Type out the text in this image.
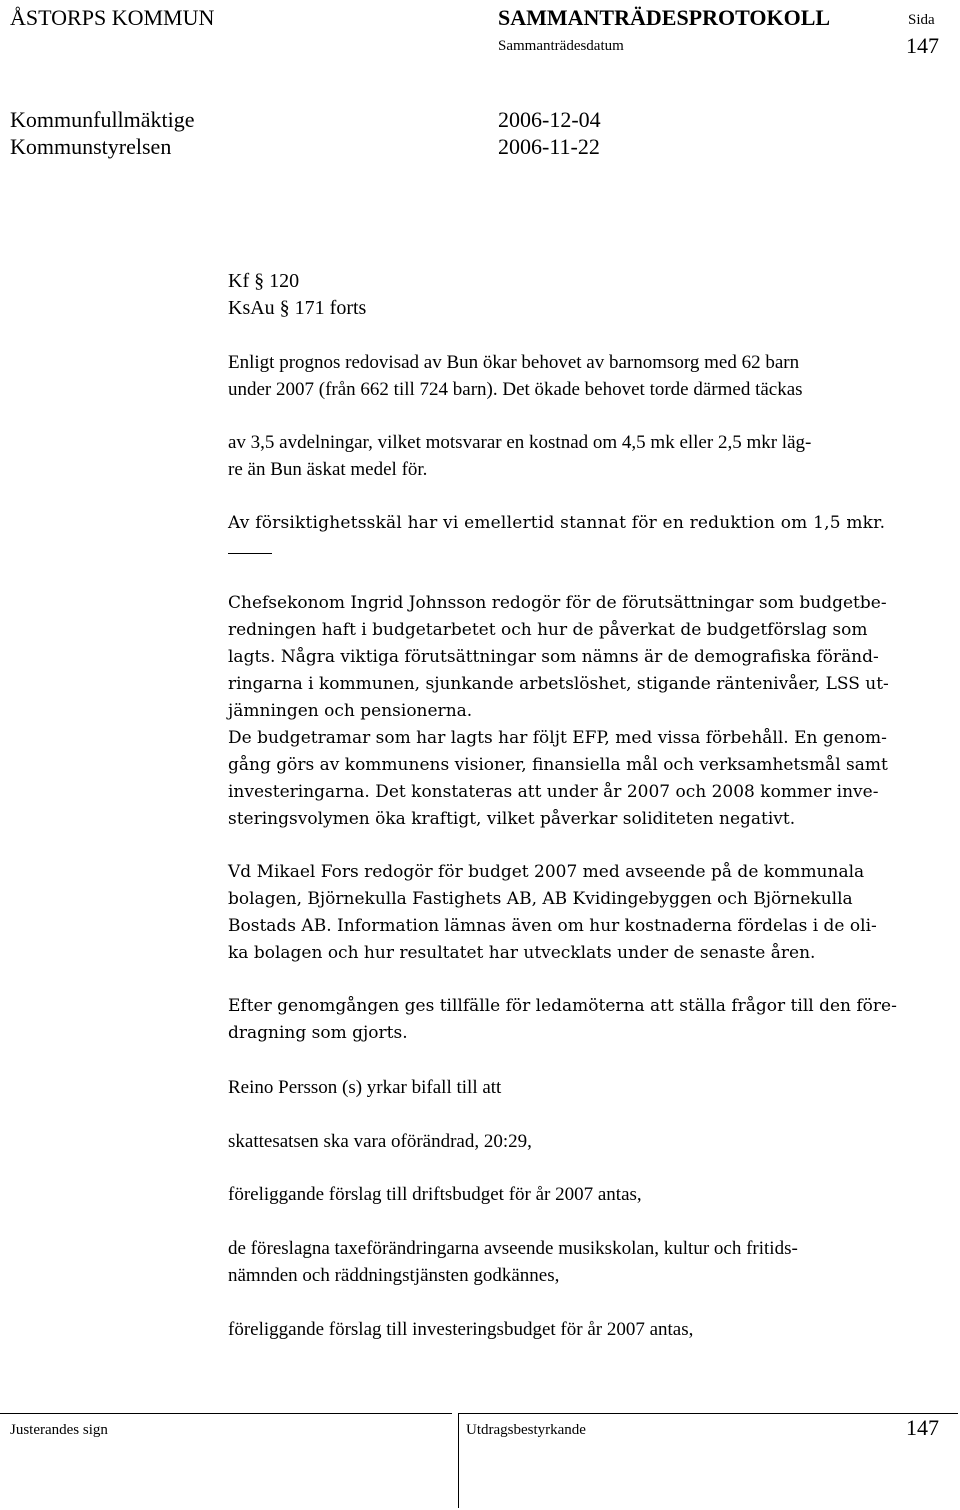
ÅSTORPS KOMMUN	SAMMANTRÄDESPROTOKOLL	Sida
Sammanträdesdatum	147
Kommunfullmäktige	2006-12-04
Kommunstyrelsen	2006-11-22
Kf § 120
KsAu § 171 forts

Enligt prognos redovisad av Bun ökar behovet av barnomsorg med 62 barn

under 2007 (från 662 till 724 barn). Det ökade behovet torde därmed täckas

av 3,5 avdelningar, vilket motsvarar en kostnad om 4,5 mk eller 2,5 mkr läg-

re än Bun äskat medel för.

Av försiktighetsskäl har vi emellertid stannat för en reduktion om 1,5 mkr.

Chefsekonom Ingrid Johnsson redogör för de förutsättningar som budgetbe-

redningen haft i budgetarbetet och hur de påverkat de budgetförslag som

lagts. Några viktiga förutsättningar som nämns är de demografiska föränd-

ringarna i kommunen, sjunkande arbetslöshet, stigande räntenivåer, LSS ut-

jämningen och pensionerna.

De budgetramar som har lagts har följt EFP, med vissa förbehåll. En genom-

gång görs av kommunens visioner, finansiella mål och verksamhetsmål samt

investeringarna. Det konstateras att under år 2007 och 2008 kommer inve-

steringsvolymen öka kraftigt, vilket påverkar soliditeten negativt.

Vd Mikael Fors redogör för budget 2007 med avseende på de kommunala

bolagen, Björnekulla Fastighets AB, AB Kvidingebyggen och Björnekulla

Bostads AB. Information lämnas även om hur kostnaderna fördelas i de oli-

ka bolagen och hur resultatet har utvecklats under de senaste åren.

Efter genomgången ges tillfälle för ledamöterna att ställa frågor till den före-

dragning som gjorts.

Reino Persson (s) yrkar bifall till att

skattesatsen ska vara oförändrad, 20:29,

föreliggande förslag till driftsbudget för år 2007 antas,

de föreslagna taxeförändringarna avseende musikskolan, kultur och fritids-

nämnden och räddningstjänsten godkännes,

föreliggande förslag till investeringsbudget för år 2007 antas,

Justerandes sign	Utdragsbestyrkande	147
